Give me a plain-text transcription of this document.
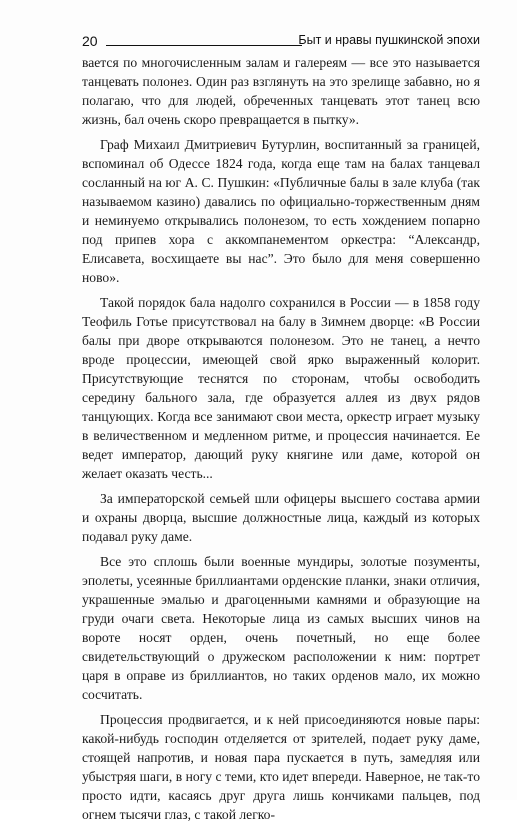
20	Быт и нравы пушкинской эпохи

вается по многочисленным залам и галереям — все это называется танцевать полонез. Один раз взглянуть на это зрелище забавно, но я полагаю, что для людей, обреченных танцевать этот танец всю жизнь, бал очень скоро превращается в пытку».

Граф Михаил Дмитриевич Бутурлин, воспитанный за границей, вспоминал об Одессе 1824 года, когда еще там на балах танцевал сосланный на юг А. С. Пушкин: «Публичные балы в зале клуба (так называемом казино) давались по официально-торжественным дням и неминуемо открывались полонезом, то есть хождением попарно под припев хора с аккомпанементом оркестра: “Александр, Елисавета, восхищаете вы нас”. Это было для меня совершенно ново».

Такой порядок бала надолго сохранился в России — в 1858 году Теофиль Готье присутствовал на балу в Зимнем дворце: «В России балы при дворе открываются полонезом. Это не танец, а нечто вроде процессии, имеющей свой ярко выраженный колорит. Присутствующие теснятся по сторонам, чтобы освободить середину бального зала, где образуется аллея из двух рядов танцующих. Когда все занимают свои места, оркестр играет музыку в величественном и медленном ритме, и процессия начинается. Ее ведет император, дающий руку княгине или даме, которой он желает оказать честь...

За императорской семьей шли офицеры высшего состава армии и охраны дворца, высшие должностные лица, каждый из которых подавал руку даме.

Все это сплошь были военные мундиры, золотые позументы, эполеты, усеянные бриллиантами орденские планки, знаки отличия, украшенные эмалью и драгоценными камнями и образующие на груди очаги света. Некоторые лица из самых высших чинов на вороте носят орден, очень почетный, но еще более свидетельствующий о дружеском расположении к ним: портрет царя в оправе из бриллиантов, но таких орденов мало, их можно сосчитать.

Процессия продвигается, и к ней присоединяются новые пары: какой-нибудь господин отделяется от зрителей, подает руку даме, стоящей напротив, и новая пара пускается в путь, замедляя или убыстряя шаги, в ногу с теми, кто идет впереди. Наверное, не так-то просто идти, касаясь друг друга лишь кончиками пальцев, под огнем тысячи глаз, с такой легко-
